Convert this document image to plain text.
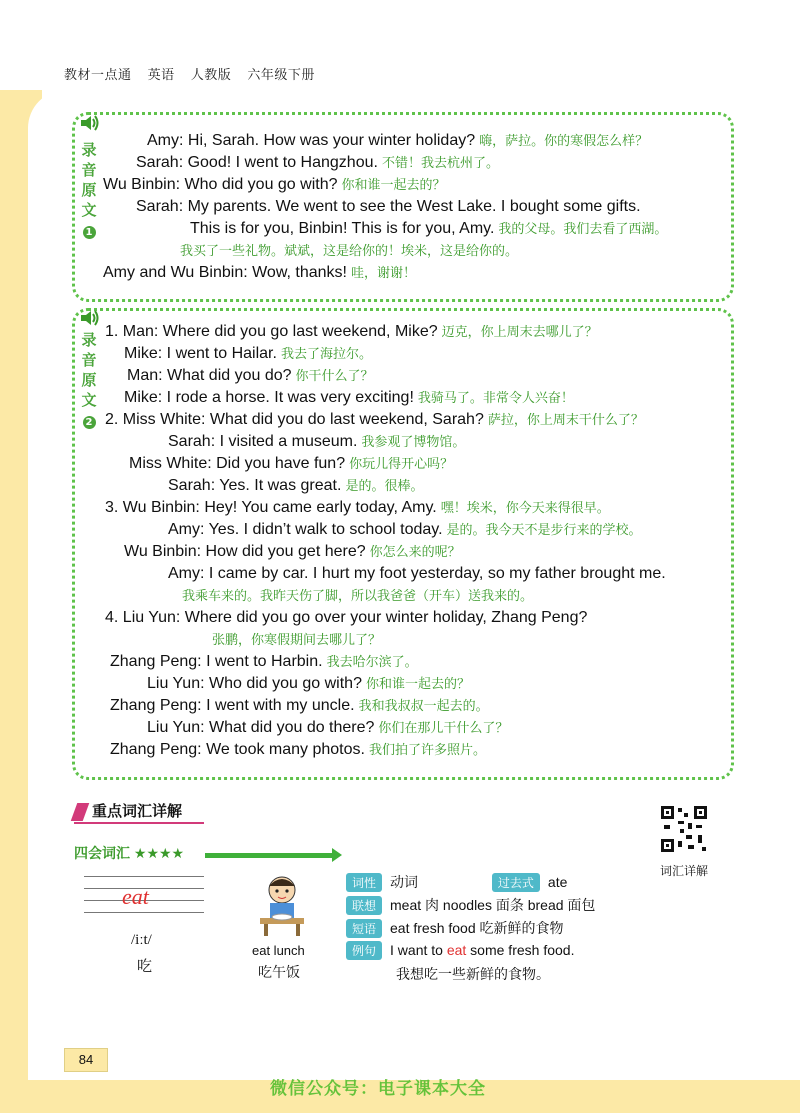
教材一点通 英语 人教版 六年级下册
录
音
原
文
1
Amy: Hi, Sarah. How was your winter holiday? 嗨，萨拉。你的寒假怎么样？
Sarah: Good! I went to Hangzhou. 不错！我去杭州了。
Wu Binbin: Who did you go with? 你和谁一起去的？
Sarah: My parents. We went to see the West Lake. I bought some gifts.
This is for you, Binbin! This is for you, Amy. 我的父母。我们去看了西湖。
我买了一些礼物。斌斌，这是给你的！埃米，这是给你的。
Amy and Wu Binbin: Wow, thanks! 哇，谢谢！
录
音
原
文
2
1. Man: Where did you go last weekend, Mike? 迈克，你上周末去哪儿了？
Mike: I went to Hailar. 我去了海拉尔。
Man: What did you do? 你干什么了？
Mike: I rode a horse. It was very exciting! 我骑马了。非常令人兴奋！
2. Miss White: What did you do last weekend, Sarah? 萨拉，你上周末干什么了？
Sarah: I visited a museum. 我参观了博物馆。
Miss White: Did you have fun? 你玩儿得开心吗？
Sarah: Yes. It was great. 是的。很棒。
3. Wu Binbin: Hey! You came early today, Amy. 嘿！埃米，你今天来得很早。
Amy: Yes. I didn’t walk to school today. 是的。我今天不是步行来的学校。
Wu Binbin: How did you get here? 你怎么来的呢？
Amy: I came by car. I hurt my foot yesterday, so my father brought me.
我乘车来的。我昨天伤了脚，所以我爸爸（开车）送我来的。
4. Liu Yun: Where did you go over your winter holiday, Zhang Peng?
张鹏，你寒假期间去哪儿了？
Zhang Peng: I went to Harbin. 我去哈尔滨了。
Liu Yun: Who did you go with? 你和谁一起去的？
Zhang Peng: I went with my uncle. 我和我叔叔一起去的。
Liu Yun: What did you do there? 你们在那儿干什么了？
Zhang Peng: We took many photos. 我们拍了许多照片。
重点词汇详解
四会词汇 ★★★★
eat
/iːt/
吃
eat lunch
吃午饭
词性 动词	过去式 ate
联想 meat 肉 noodles 面条 bread 面包
短语 eat fresh food 吃新鲜的食物
例句 I want to eat some fresh food.
我想吃一些新鲜的食物。
词汇详解
84
微信公众号：电子课本大全
